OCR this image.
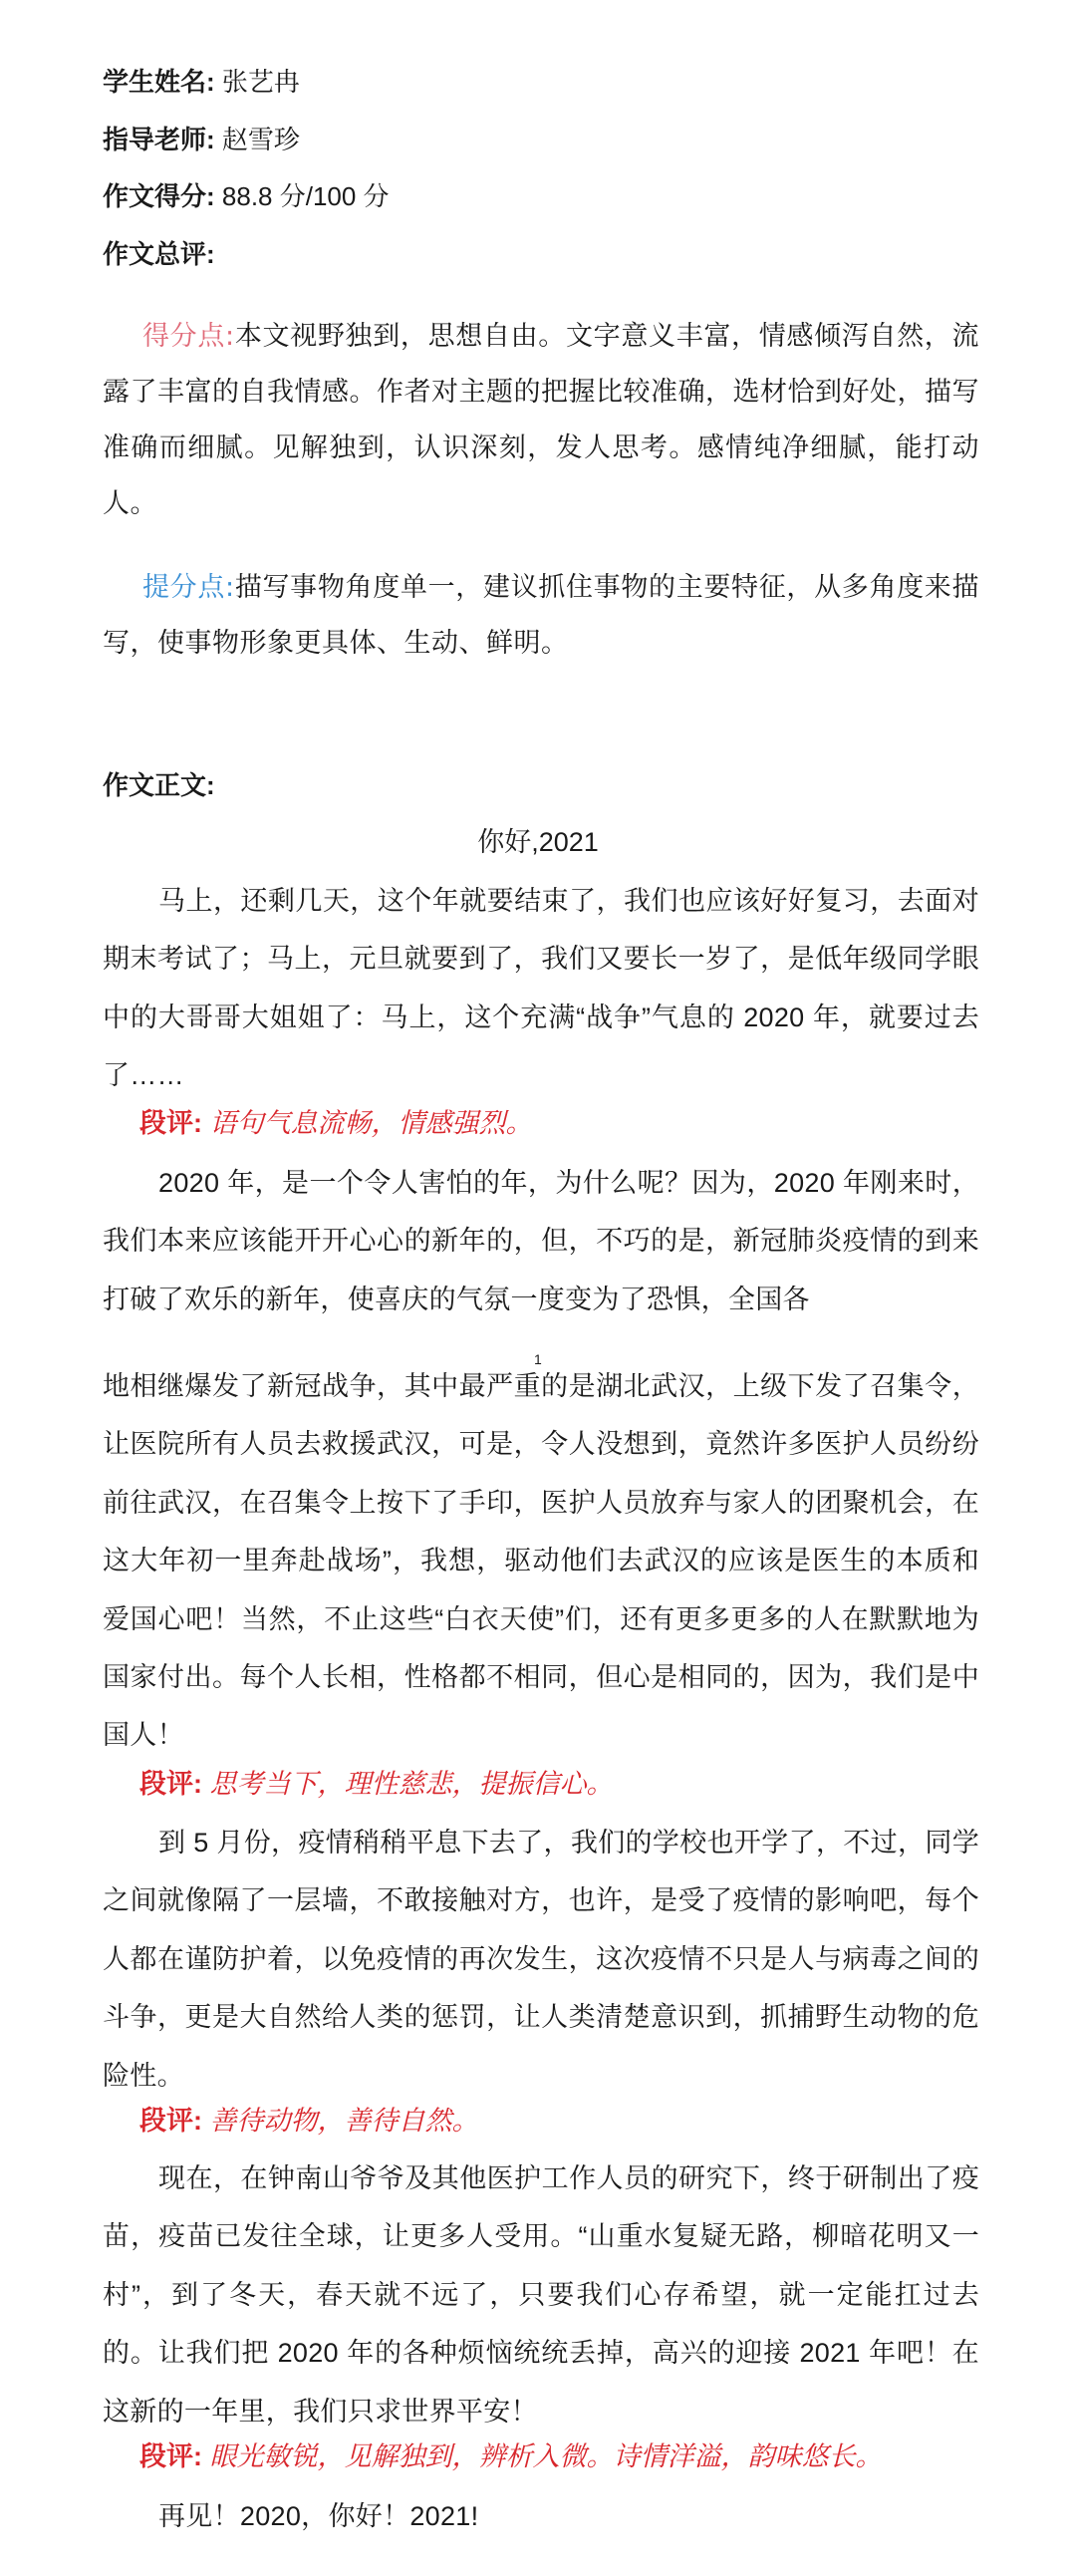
学生姓名: 张艺冉
指导老师: 赵雪珍
作文得分: 88.8 分/100 分
作文总评:
得分点:本文视野独到，思想自由。文字意义丰富，情感倾泻自然，流露了丰富的自我情感。作者对主题的把握比较准确，选材恰到好处，描写准确而细腻。见解独到，认识深刻，发人思考。感情纯净细腻，能打动人。
提分点:描写事物角度单一，建议抓住事物的主要特征，从多角度来描写，使事物形象更具体、生动、鲜明。
作文正文:
你好,2021
马上，还剩几天，这个年就要结束了，我们也应该好好复习，去面对期末考试了；马上，元旦就要到了，我们又要长一岁了，是低年级同学眼中的大哥哥大姐姐了：马上，这个充满“战争”气息的 2020 年，就要过去了……
段评: 语句气息流畅，情感强烈。
2020 年，是一个令人害怕的年，为什么呢？因为，2020 年刚来时，我们本来应该能开开心心的新年的，但，不巧的是，新冠肺炎疫情的到来打破了欢乐的新年，使喜庆的气氛一度变为了恐惧，全国各
1
地相继爆发了新冠战争，其中最严重的是湖北武汉，上级下发了召集令，让医院所有人员去救援武汉，可是，令人没想到，竟然许多医护人员纷纷前往武汉，在召集令上按下了手印，医护人员放弃与家人的团聚机会，在这大年初一里奔赴战场”，我想，驱动他们去武汉的应该是医生的本质和爱国心吧！当然，不止这些“白衣天使”们，还有更多更多的人在默默地为国家付出。每个人长相，性格都不相同，但心是相同的，因为，我们是中国人！
段评: 思考当下，理性慈悲，提振信心。
到 5 月份，疫情稍稍平息下去了，我们的学校也开学了，不过，同学之间就像隔了一层墙，不敢接触对方，也许，是受了疫情的影响吧，每个人都在谨防护着，以免疫情的再次发生，这次疫情不只是人与病毒之间的斗争，更是大自然给人类的惩罚，让人类清楚意识到，抓捕野生动物的危险性。
段评: 善待动物，善待自然。
现在，在钟南山爷爷及其他医护工作人员的研究下，终于研制出了疫苗，疫苗已发往全球，让更多人受用。“山重水复疑无路，柳暗花明又一村”，到了冬天，春天就不远了，只要我们心存希望，就一定能扛过去的。让我们把 2020 年的各种烦恼统统丢掉，高兴的迎接 2021 年吧！在这新的一年里，我们只求世界平安！
段评: 眼光敏锐，见解独到，辨析入微。诗情洋溢，韵味悠长。
再见！2020，你好！2021!
